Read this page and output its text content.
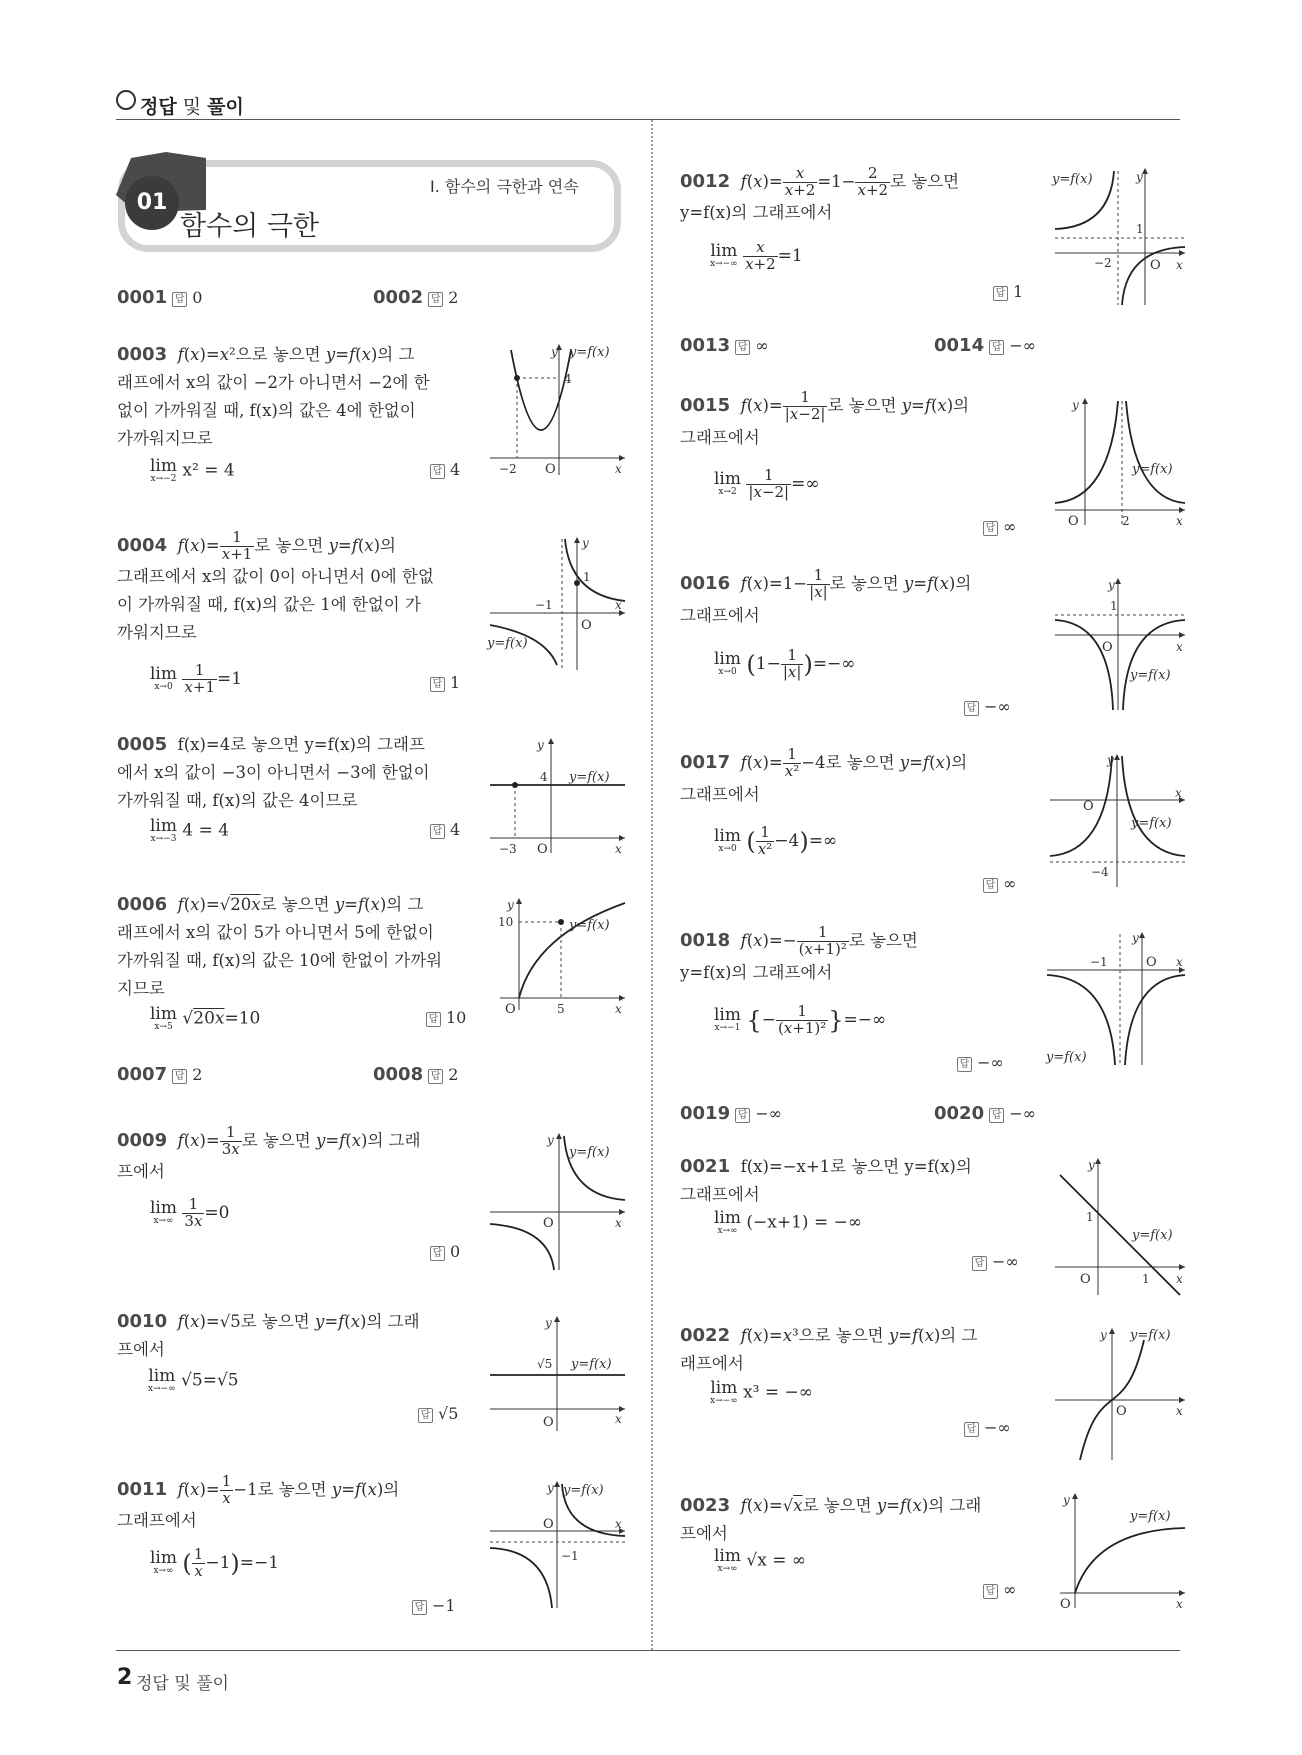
정답 및 풀이
01
Ⅰ. 함수의 극한과 연속
함수의 극한
0001 답 0	0002 답 2
0003 f(x)=x²으로 놓으면 y=f(x)의 그
래프에서 x의 값이 −2가 아니면서 −2에 한
없이 가까워질 때, f(x)의 값은 4에 한없이
가까워지므로
lim
x→−2 x² = 4	답 4
y y=f(x)
4
−2 O	x
0004 $f(x)= \frac{1}{x+1}$ 로 놓으면 y=f(x)의
그래프에서 x의 값이 0이 아니면서 0에 한없
이 가까워질 때, f(x)의 값은 1에 한없이 가
까워지므로
lim
x→0
$\frac{1}{x+1} =1$	답 1
y
1
−1
O
x
y=f(x)
0005 f(x)=4로 놓으면 y=f(x)의 그래프
에서 x의 값이 −3이 아니면서 −3에 한없이
가까워질 때, f(x)의 값은 4이므로
lim
x→−3 4 = 4	답 4
y
4 y=f(x)
−3 O	x
0006 f(x)=√20x로 놓으면 y=f(x)의 그
래프에서 x의 값이 5가 아니면서 5에 한없이
가까워질 때, f(x)의 값은 10에 한없이 가까워
지므로
lim
x→5 √20x=10	답 10
y
10	y=f(x)
O	5	x
0007 답 2	0008 답 2
0009 $f(x)= \frac{1}{3x}$ 로 놓으면 y=f(x)의 그래
프에서
lim
x→∞
$\frac{1}{3x} =0$
답 0
y
y=f(x)
O	x
0010 f(x)=√5로 놓으면 y=f(x)의 그래
프에서
lim
x→−∞ √5=√5
답 √5
y
√5 y=f(x)
O	x
0011 $f(x)= \frac{1}{x} -1$로 놓으면 y=f(x)의
그래프에서
lim
x→∞ ( $\frac{1}{x} -1)=-1$
답 −1
y y=f(x)
O
−1
x
0012 $f(x)= \frac{x}{x+2} =1- \frac{2}{x+2}$ 로 놓으면
y=f(x)의 그래프에서
lim
x→−∞
$\frac{x}{x+2} =1$
답 1
y=f(x)	y
1
−2	O x
0013 답 ∞	0014 답 −∞
0015 $f(x)= \frac{1}{|x-2|}$ 로 놓으면 y=f(x)의
그래프에서
lim
x→2
$\frac{1}{|x-2|}$ =∞
답 ∞
y
y=f(x)
O	2	x
0016 $f(x)=1- \frac{1}{|x|}$ 로 놓으면 y=f(x)의
그래프에서
lim
x→0 ($1- \frac{1}{|x|}$ )=−∞
답 −∞
y
1
O	x
y=f(x)
0017 $f(x)= \frac{1}{\text{x²}} -4$로 놓으면 y=f(x)의
그래프에서
lim
x→0 ( $\frac{1}{\text{x²}} -4)=\infty$
답 ∞
y
O
x
y=f(x)
−4
0018 $f(x)=- \frac{1}{\text{(x+1)²}}$ 로 놓으면
y=f(x)의 그래프에서
lim
x→−1 {− $\frac{1}{\text{(x+1)²}}$ }=−∞
답 −∞
y
−1	O x
y=f(x)
0019 답 −∞	0020 답 −∞
0021 f(x)=−x+1로 놓으면 y=f(x)의
그래프에서
lim
x→∞ (−x+1) = −∞
답 −∞
y
1
y=f(x)
O	1 x
0022 f(x)=x³으로 놓으면 y=f(x)의 그
래프에서
lim
x→−∞ x³ = −∞
답 −∞
y y=f(x)
O	x
0023 f(x)=√x로 놓으면 y=f(x)의 그래
프에서
lim
x→∞ √x = ∞
답 ∞
y
y=f(x)
O	x
2 정답 및 풀이
